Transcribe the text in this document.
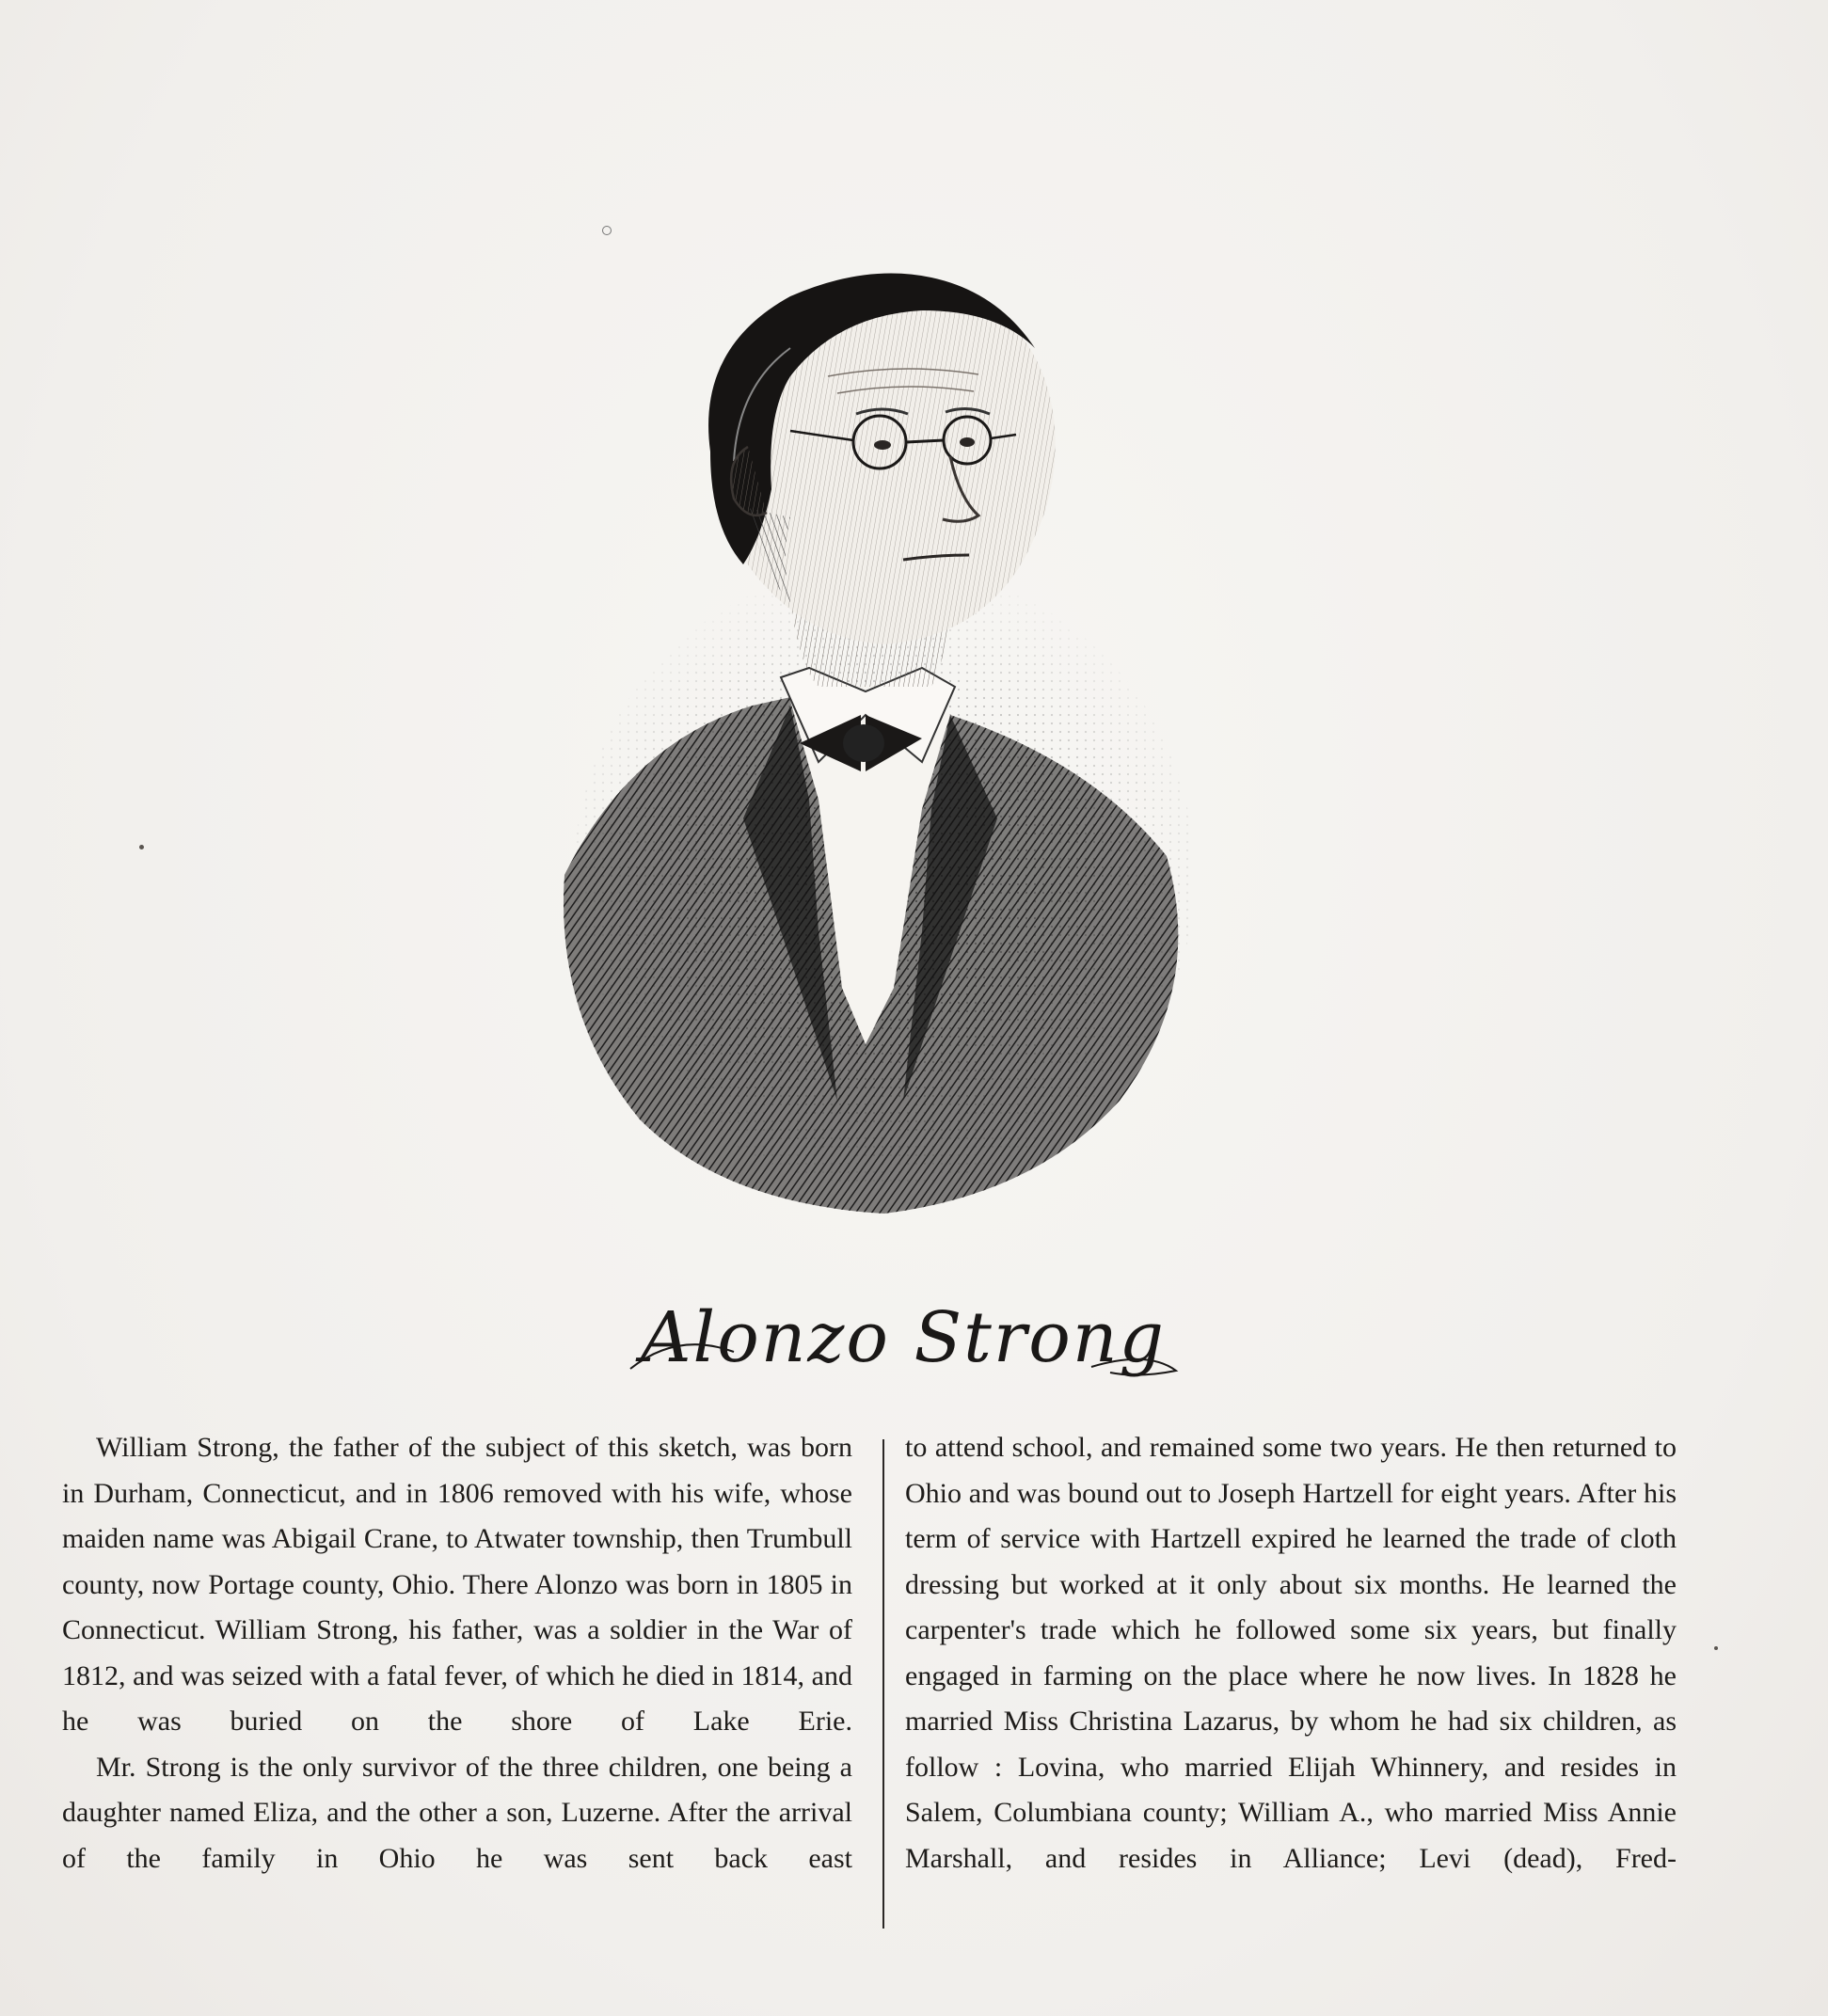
Alonzo Strong

William Strong, the father of the subject of this sketch, was born in Durham, Connecticut, and in 1806 removed with his wife, whose maiden name was Abigail Crane, to Atwater township, then Trumbull county, now Portage county, Ohio. There Alonzo was born in 1805 in Connecticut. William Strong, his father, was a soldier in the War of 1812, and was seized with a fatal fever, of which he died in 1814, and he was buried on the shore of Lake Erie.

Mr. Strong is the only survivor of the three children, one being a daughter named Eliza, and the other a son, Luzerne. After the arrival of the family in Ohio he was sent back east

to attend school, and remained some two years. He then returned to Ohio and was bound out to Joseph Hartzell for eight years. After his term of service with Hartzell expired he learned the trade of cloth dressing but worked at it only about six months. He learned the carpenter's trade which he followed some six years, but finally engaged in farming on the place where he now lives. In 1828 he married Miss Christina Lazarus, by whom he had six children, as follow : Lovina, who married Elijah Whinnery, and resides in Salem, Columbiana county; William A., who married Miss Annie Marshall, and resides in Alliance; Levi (dead), Fred-
